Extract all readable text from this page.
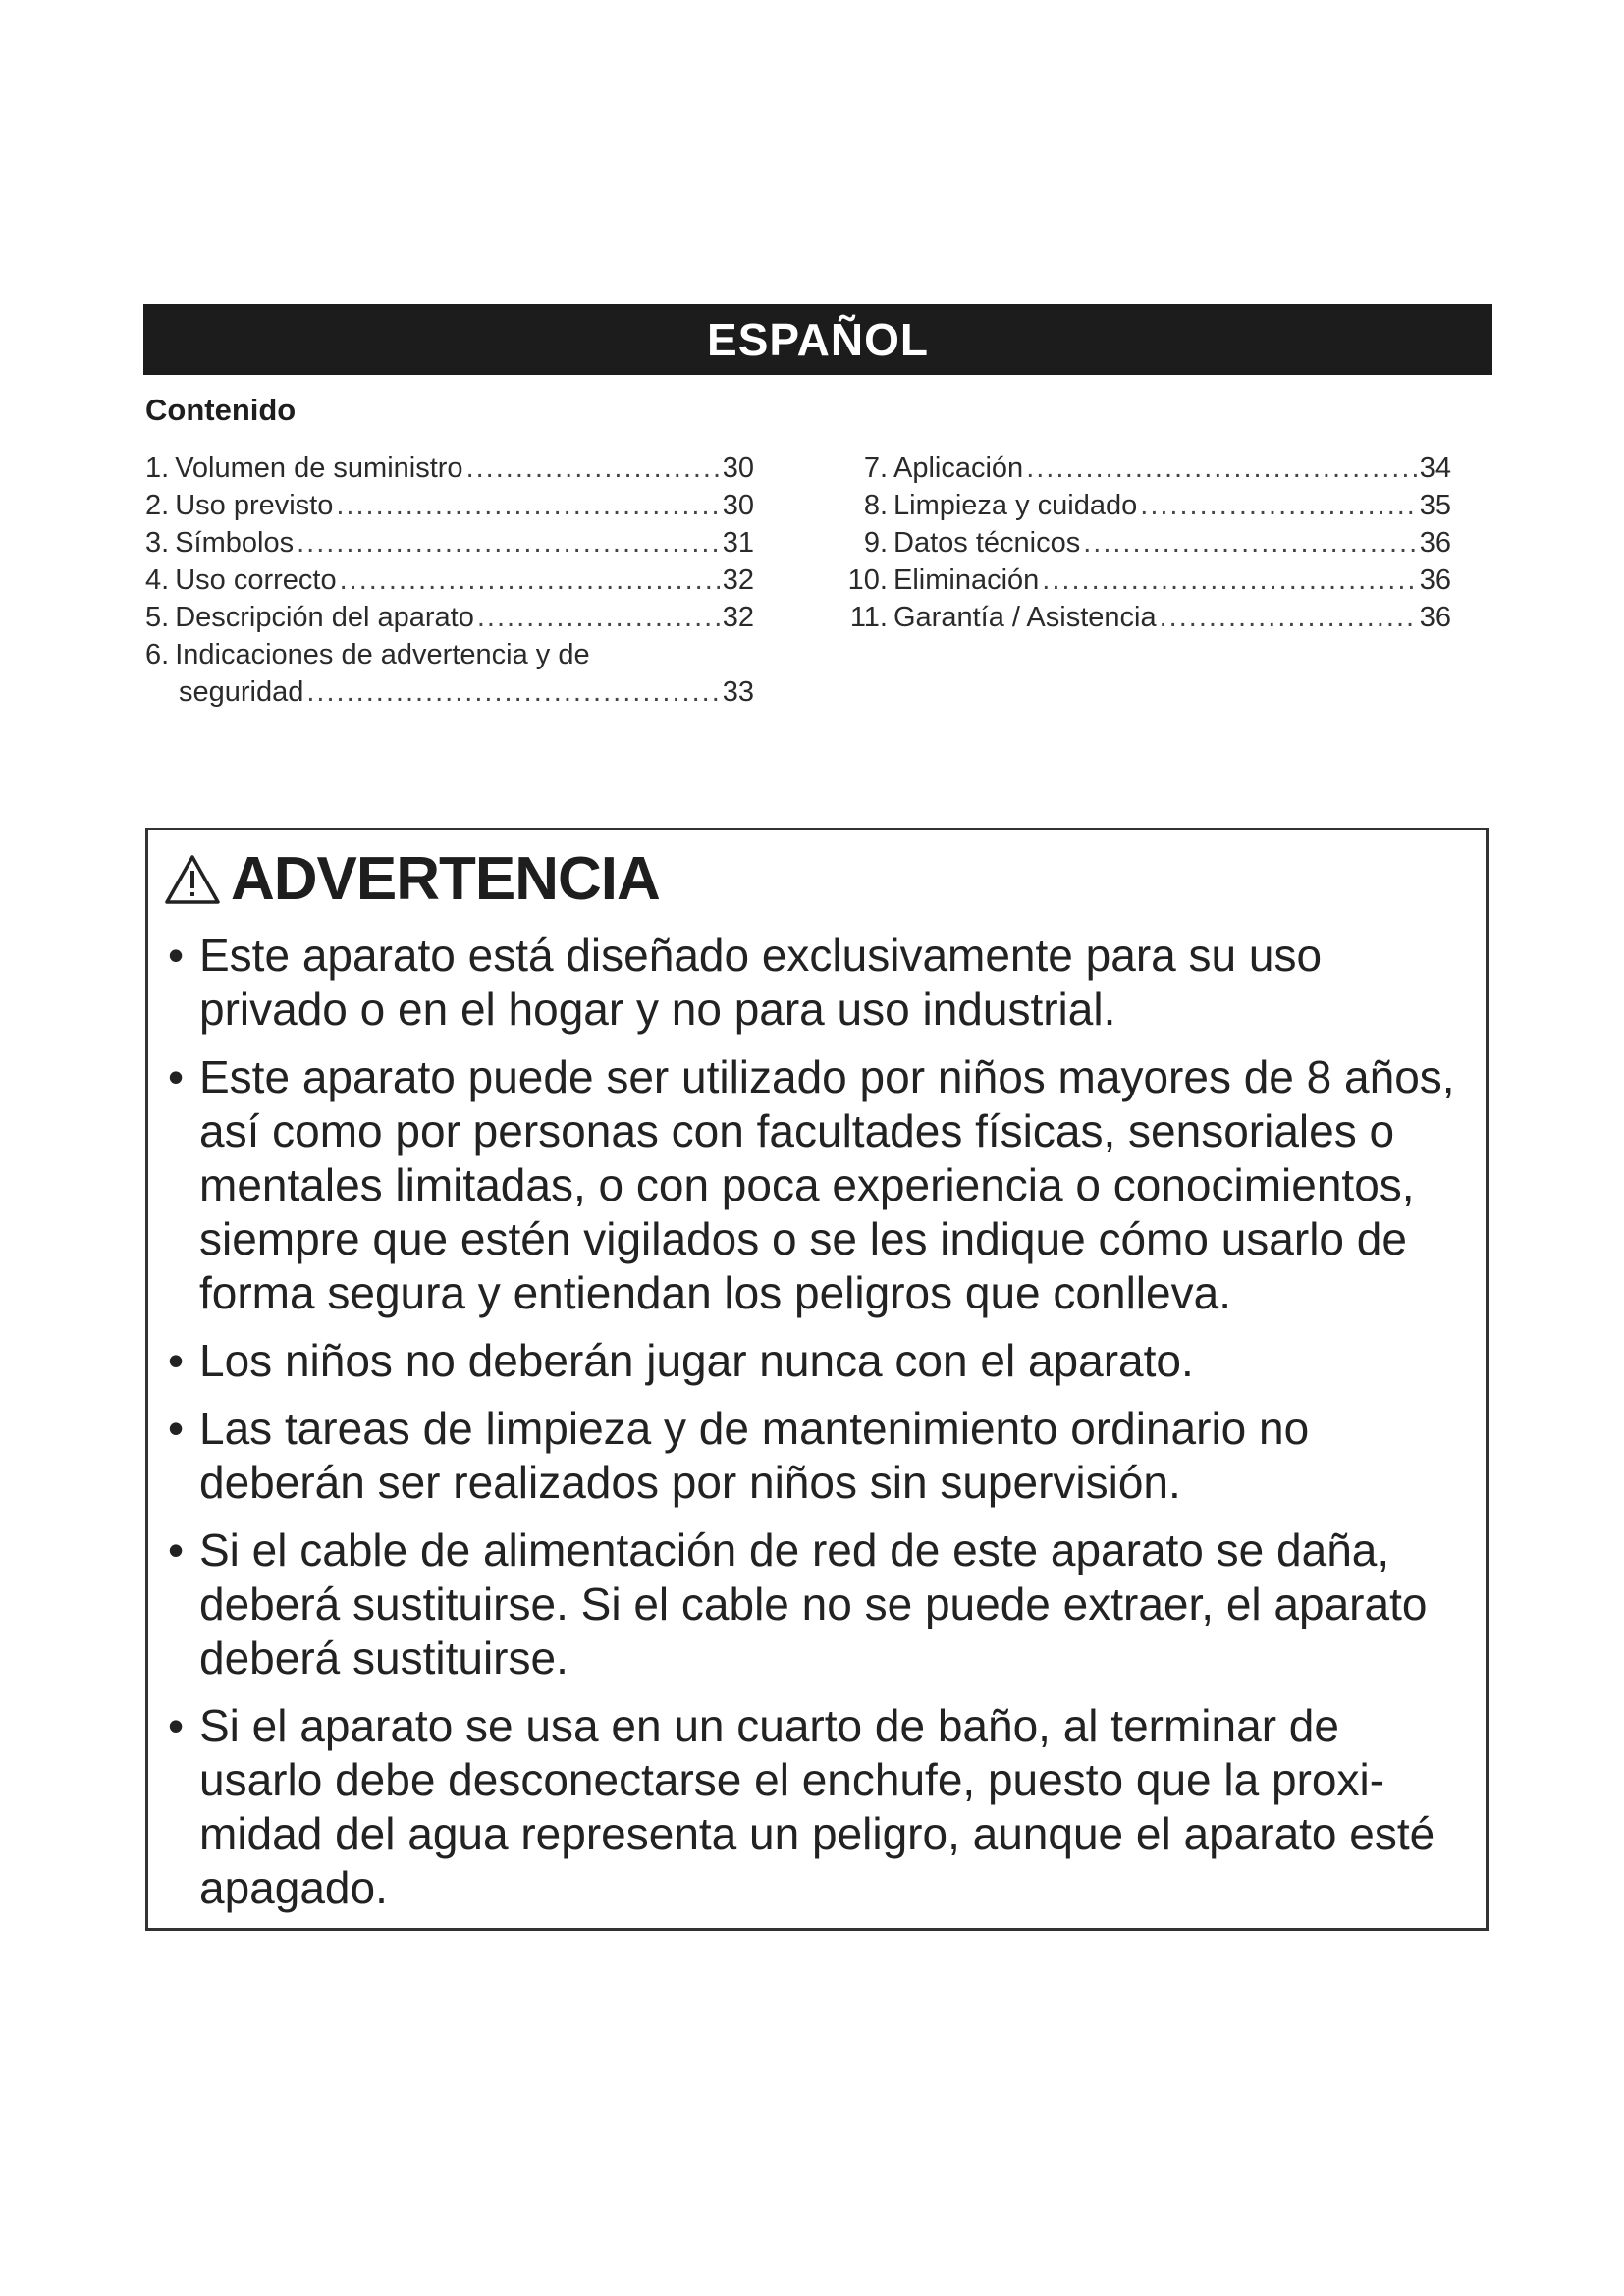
ESPAÑOL
Contenido
1. Volumen de suministro .....	30
2. Uso previsto .....	30
3. Símbolos .....	31
4. Uso correcto .....	32
5. Descripción del aparato .....	32
6. Indicaciones de advertencia y de
seguridad .....	33
7. Aplicación .....	34
8. Limpieza y cuidado .....	35
9. Datos técnicos .....	36
10. Eliminación .....	36
11. Garantía / Asistencia .....	36
ADVERTENCIA
• Este aparato está diseñado exclusivamente para su uso privado o en el hogar y no para uso industrial.
• Este aparato puede ser utilizado por niños mayores de 8 años, así como por personas con facultades físicas, sensoriales o mentales limitadas, o con poca experiencia o conocimientos, siempre que estén vigilados o se les indique cómo usarlo de forma segura y entiendan los peligros que conlleva.
• Los niños no deberán jugar nunca con el aparato.
• Las tareas de limpieza y de mantenimiento ordinario no deberán ser realizados por niños sin supervisión.
• Si el cable de alimentación de red de este aparato se daña, deberá sustituirse. Si el cable no se puede extraer, el aparato deberá sustituirse.
• Si el aparato se usa en un cuarto de baño, al terminar de usarlo debe desconectarse el enchufe, puesto que la proxi-midad del agua representa un peligro, aunque el aparato esté apagado.
